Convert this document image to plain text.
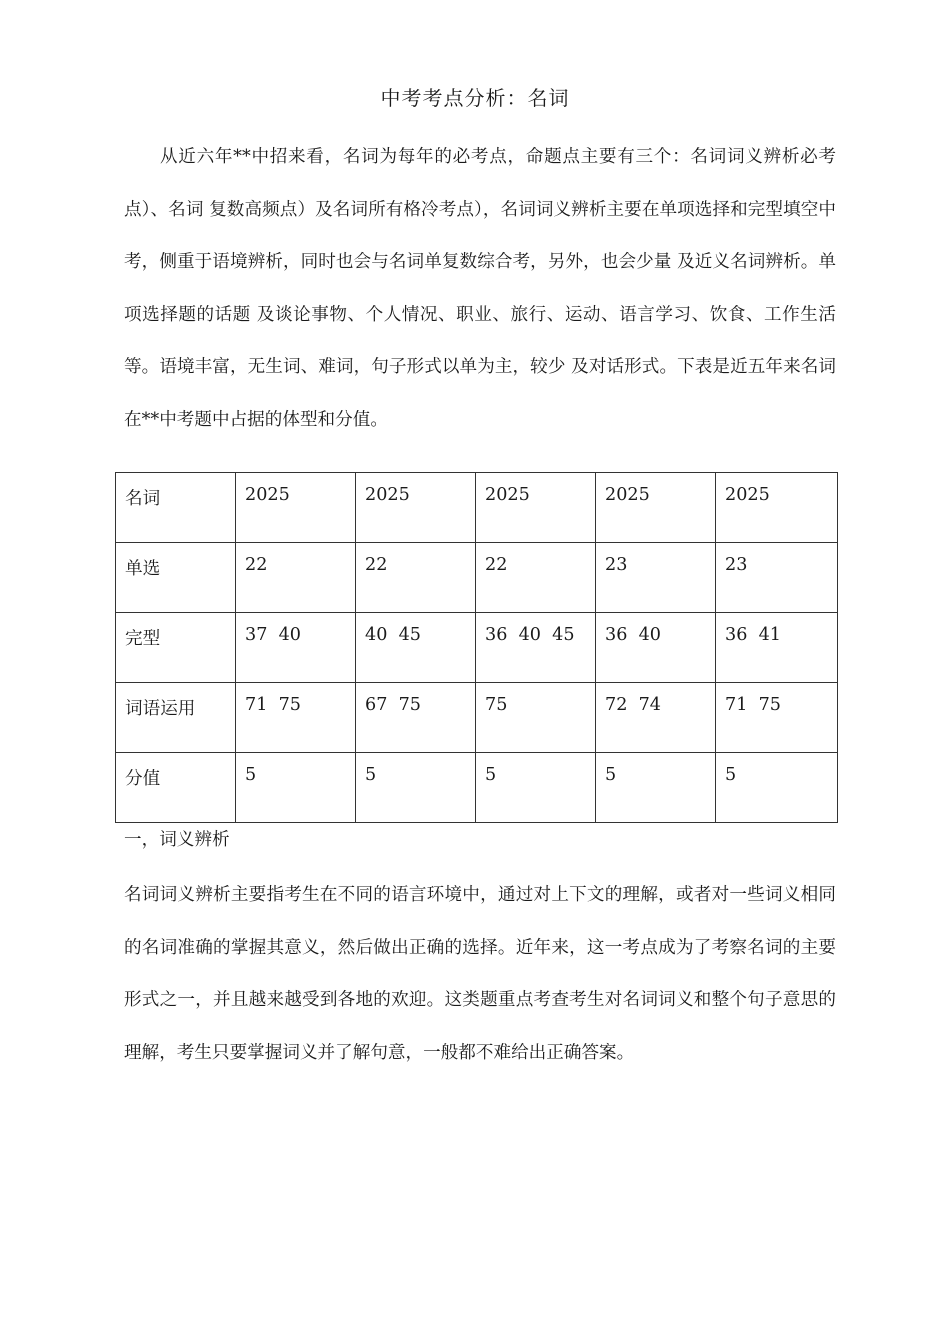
中考考点分析：名词

从近六年**中招来看，名词为每年的必考点，命题点主要有三个：名词词义辨析必考点）、名词 复数高频点）及名词所有格冷考点），名词词义辨析主要在单项选择和完型填空中考，侧重于语境辨析，同时也会与名词单复数综合考，另外，也会少量 及近义名词辨析。单项选择题的话题 及谈论事物、个人情况、职业、旅行、运动、语言学习、饮食、工作生活等。语境丰富，无生词、难词，句子形式以单为主，较少 及对话形式。下表是近五年来名词在**中考题中占据的体型和分值。

名词	2025	2025	2025	2025	2025
单选	22	22	22	23	23
完型	37  40	40  45	36  40  45	36  40	36  41
词语运用	71  75	67  75	75	72  74	71  75
分值	5	5	5	5	5

一，词义辨析

名词词义辨析主要指考生在不同的语言环境中，通过对上下文的理解，或者对一些词义相同的名词准确的掌握其意义，然后做出正确的选择。近年来，这一考点成为了考察名词的主要形式之一，并且越来越受到各地的欢迎。这类题重点考查考生对名词词义和整个句子意思的理解，考生只要掌握词义并了解句意，一般都不难给出正确答案。
